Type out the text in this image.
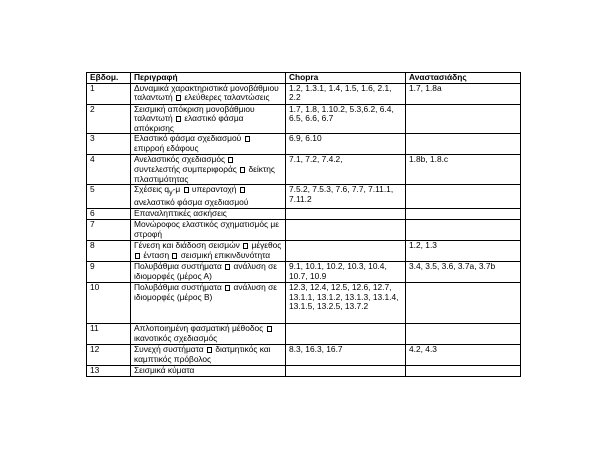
Εβδομ.	Περιγραφή	Chopra	Αναστασιάδης
1	Δυναμικά χαρακτηριστικά μονοβάθμιου ταλαντωτή ελεύθερες ταλαντώσεις	1.2, 1.3.1, 1.4, 1.5, 1.6, 2.1, 2.2	1.7, 1.8a
2	Σεισμική απόκριση μονοβάθμιου ταλαντωτή ελαστικό φάσμα απόκρισης	1.7, 1.8, 1.10.2, 5.3,6.2, 6.4, 6.5, 6.6, 6.7	
3	Ελαστικό φάσμα σχεδιασμού  επιρροή εδάφους	6.9, 6.10	
4	Ανελαστικός σχεδιασμός  συντελεστής συμπεριφοράς δείκτης πλαστιμότητας	7.1, 7.2, 7.4.2,	1.8b, 1.8.c
5	Σχέσεις $q_y-\mu$ υπεραντοχή  ανελαστικό φάσμα σχεδιασμού	7.5.2, 7.5.3, 7.6, 7.7, 7.11.1, 7.11.2	
6	Επαναληπτικές ασκήσεις		
7	Μονώροφος ελαστικός σχηματισμός με στροφή		
8	Γένεση και διάδοση σεισμών μέγεθος  ένταση σεισμική επικινδυνότητα		1.2, 1.3
9	Πολυβάθμια συστήματα ανάλυση σε ιδιομορφές (μέρος Α)	9.1, 10.1, 10.2, 10.3, 10.4, 10.7, 10.9	3.4, 3.5, 3.6, 3.7a, 3.7b
10	Πολυβάθμια συστήματα ανάλυση σε ιδιομορφές (μέρος Β)	12.3, 12.4, 12.5, 12.6, 12.7, 13.1.1, 13.1.2, 13.1.3, 13.1.4, 13.1.5, 13.2.5, 13.7.2	
11	Απλοποιημένη φασματική μέθοδος  ικανοτικός σχεδιασμός		
12	Συνεχή συστήματα διατμητικός και καμπτικός πρόβολος	8.3, 16.3, 16.7	4.2, 4.3
13	Σεισμικά κύματα		
